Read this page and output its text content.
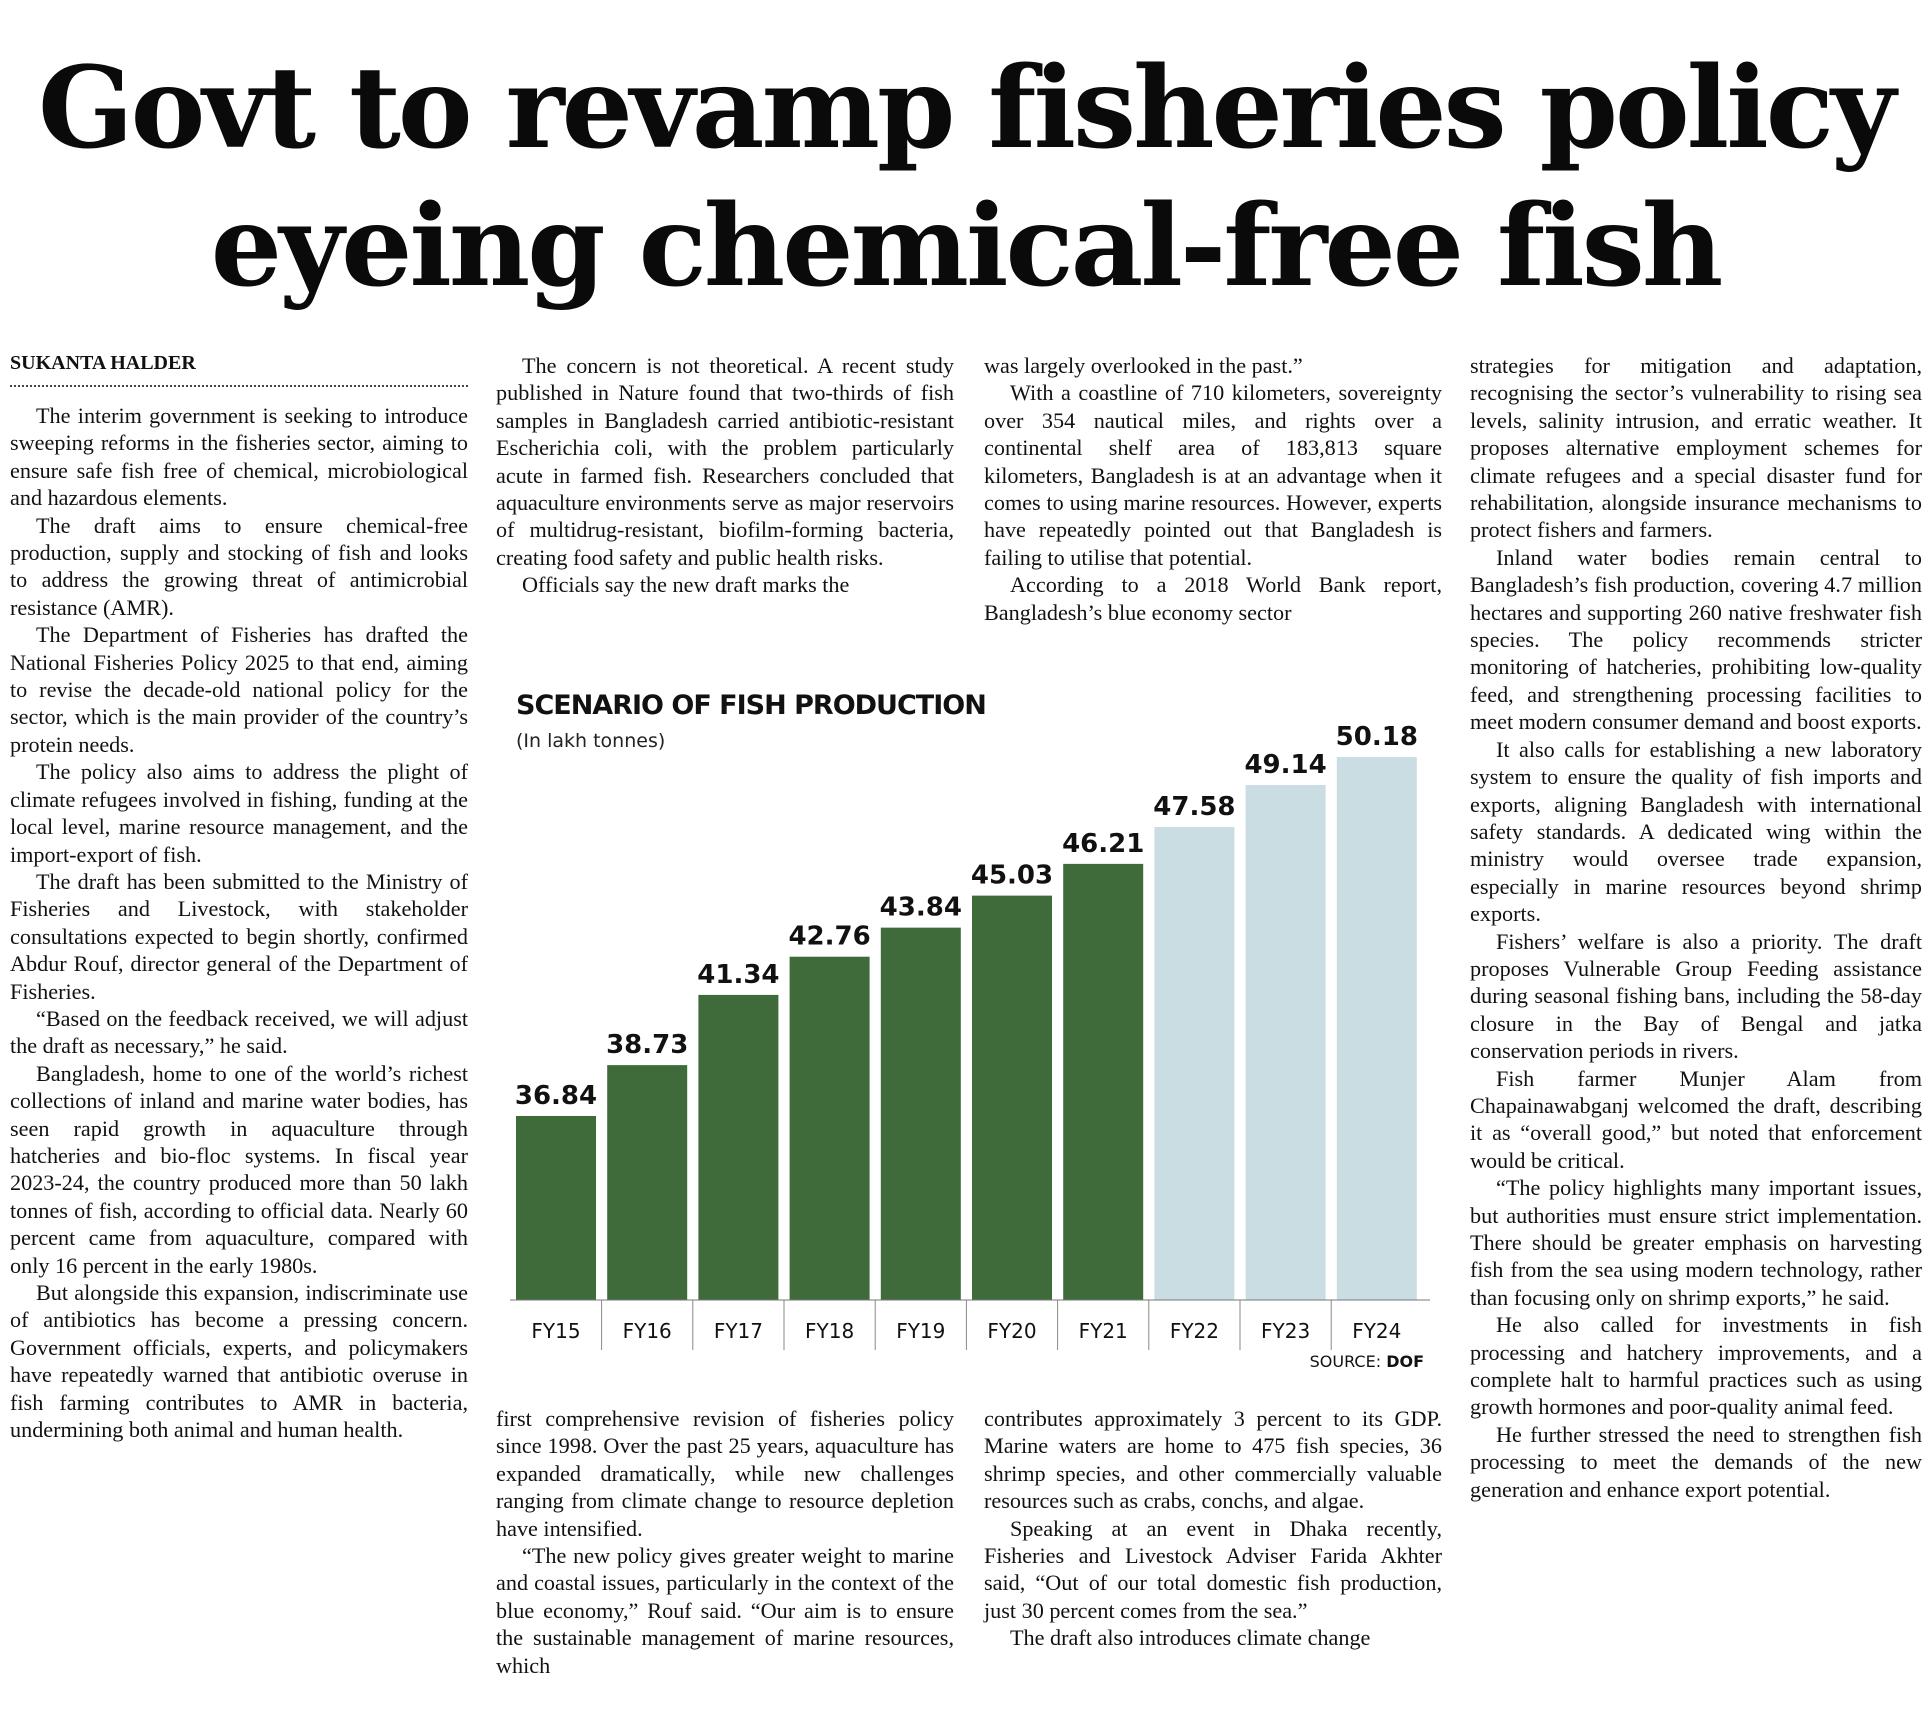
Govt to revamp fisheries policy
eyeing chemical-free fish
SUKANTA HALDER

The interim government is seeking to introduce sweeping reforms in the fisheries sector, aiming to ensure safe fish free of chemical, microbiological and hazardous elements.

The draft aims to ensure chemical-free production, supply and stocking of fish and looks to address the growing threat of antimicrobial resistance (AMR).

The Department of Fisheries has drafted the National Fisheries Policy 2025 to that end, aiming to revise the decade-old national policy for the sector, which is the main provider of the country’s protein needs.

The policy also aims to address the plight of climate refugees involved in fishing, funding at the local level, marine resource management, and the import-export of fish.

The draft has been submitted to the Ministry of Fisheries and Livestock, with stakeholder consultations expected to begin shortly, confirmed Abdur Rouf, director general of the Department of Fisheries.

“Based on the feedback received, we will adjust the draft as necessary,” he said.

Bangladesh, home to one of the world’s richest collections of inland and marine water bodies, has seen rapid growth in aquaculture through hatcheries and bio-floc systems. In fiscal year 2023-24, the country produced more than 50 lakh tonnes of fish, according to official data. Nearly 60 percent came from aquaculture, compared with only 16 percent in the early 1980s.

But alongside this expansion, indiscriminate use of antibiotics has become a pressing concern. Government officials, experts, and policymakers have repeatedly warned that antibiotic overuse in fish farming contributes to AMR in bacteria, undermining both animal and human health.

The concern is not theoretical. A recent study published in Nature found that two-thirds of fish samples in Bangladesh carried antibiotic-resistant Escherichia coli, with the problem particularly acute in farmed fish. Researchers concluded that aquaculture environments serve as major reservoirs of multidrug-resistant, biofilm-forming bacteria, creating food safety and public health risks.

Officials say the new draft marks the

was largely overlooked in the past.”

With a coastline of 710 kilometers, sovereignty over 354 nautical miles, and rights over a continental shelf area of 183,813 square kilometers, Bangladesh is at an advantage when it comes to using marine resources. However, experts have repeatedly pointed out that Bangladesh is failing to utilise that potential.

According to a 2018 World Bank report, Bangladesh’s blue economy sector

SCENARIO OF FISH PRODUCTION
(In lakh tonnes)
36.84
FY15
38.73
FY16
41.34
FY17
42.76
FY18
43.84
FY19
45.03
FY20
46.21
FY21
47.58
FY22
49.14
FY23
50.18
FY24
SOURCE: DOF

first comprehensive revision of fisheries policy since 1998. Over the past 25 years, aquaculture has expanded dramatically, while new challenges ranging from climate change to resource depletion have intensified.

“The new policy gives greater weight to marine and coastal issues, particularly in the context of the blue economy,” Rouf said. “Our aim is to ensure the sustainable management of marine resources, which

contributes approximately 3 percent to its GDP. Marine waters are home to 475 fish species, 36 shrimp species, and other commercially valuable resources such as crabs, conchs, and algae.

Speaking at an event in Dhaka recently, Fisheries and Livestock Adviser Farida Akhter said, “Out of our total domestic fish production, just 30 percent comes from the sea.”

The draft also introduces climate change

strategies for mitigation and adaptation, recognising the sector’s vulnerability to rising sea levels, salinity intrusion, and erratic weather. It proposes alternative employment schemes for climate refugees and a special disaster fund for rehabilitation, alongside insurance mechanisms to protect fishers and farmers.

Inland water bodies remain central to Bangladesh’s fish production, covering 4.7 million hectares and supporting 260 native freshwater fish species. The policy recommends stricter monitoring of hatcheries, prohibiting low-quality feed, and strengthening processing facilities to meet modern consumer demand and boost exports.

It also calls for establishing a new laboratory system to ensure the quality of fish imports and exports, aligning Bangladesh with international safety standards. A dedicated wing within the ministry would oversee trade expansion, especially in marine resources beyond shrimp exports.

Fishers’ welfare is also a priority. The draft proposes Vulnerable Group Feeding assistance during seasonal fishing bans, including the 58-day closure in the Bay of Bengal and jatka conservation periods in rivers.

Fish farmer Munjer Alam from Chapainawabganj welcomed the draft, describing it as “overall good,” but noted that enforcement would be critical.

“The policy highlights many important issues, but authorities must ensure strict implementation. There should be greater emphasis on harvesting fish from the sea using modern technology, rather than focusing only on shrimp exports,” he said.

He also called for investments in fish processing and hatchery improvements, and a complete halt to harmful practices such as using growth hormones and poor-quality animal feed.

He further stressed the need to strengthen fish processing to meet the demands of the new generation and enhance export potential.
